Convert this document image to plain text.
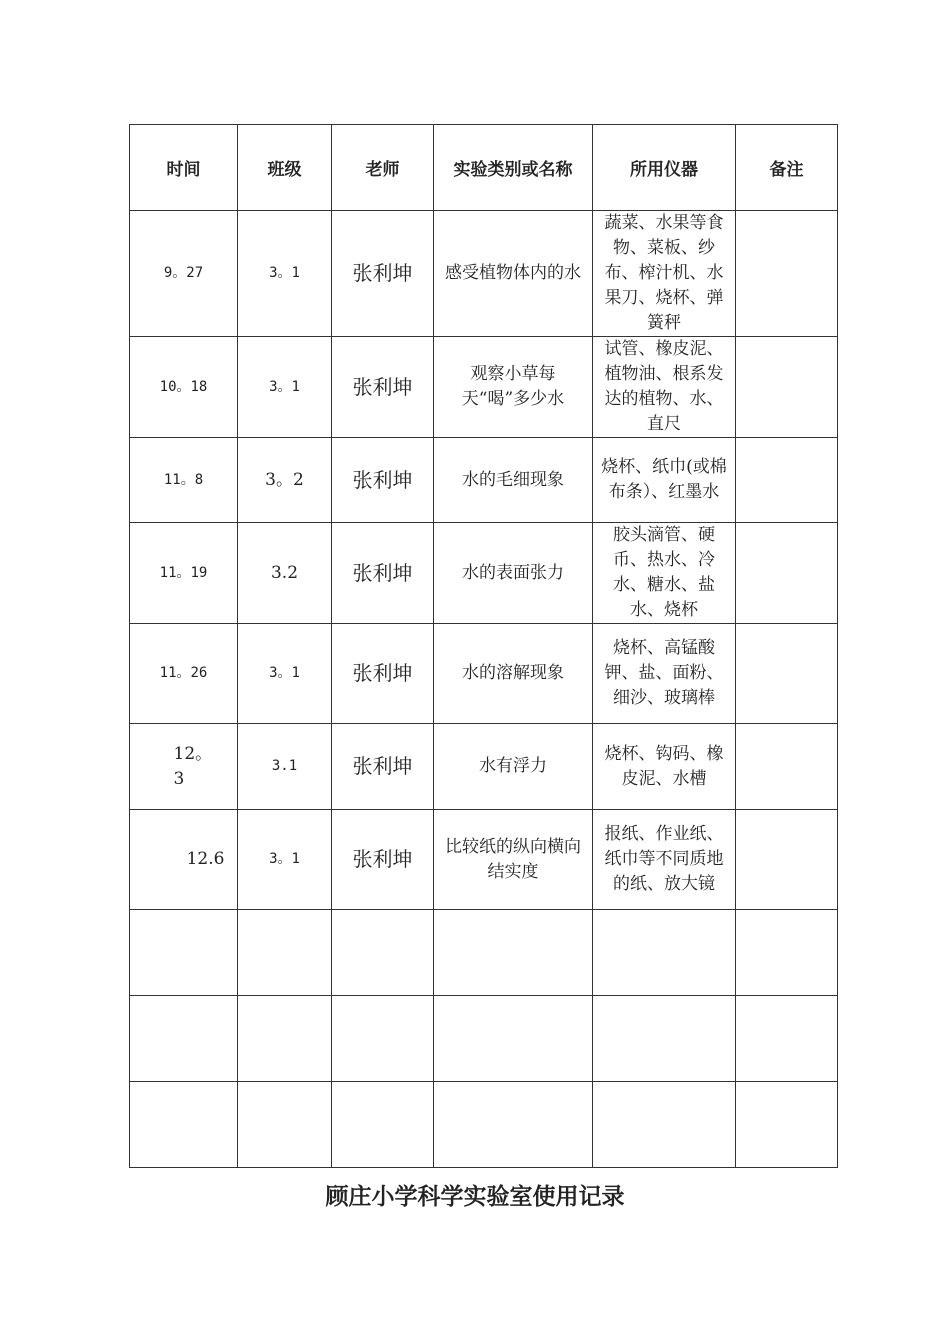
时间	班级	老师	实验类别或名称	所用仪器	备注
9。27	3。1	张利坤	感受植物体内的水	蔬菜、水果等食物、菜板、纱布、榨汁机、水果刀、烧杯、弹簧秤	
10。18	3。1	张利坤	观察小草每天“喝”多少水	试管、橡皮泥、植物油、根系发达的植物、水、直尺	
11。8	3。2	张利坤	水的毛细现象	烧杯、纸巾(或棉布条）、红墨水	
11。19	3.2	张利坤	水的表面张力	胶头滴管、硬币、热水、冷水、糖水、盐水、烧杯	
11。26	3。1	张利坤	水的溶解现象	烧杯、高锰酸钾、盐、面粉、细沙、玻璃棒	
12。3	3.1	张利坤	水有浮力	烧杯、钩码、橡皮泥、水槽	
12.6	3。1	张利坤	比较纸的纵向横向结实度	报纸、作业纸、纸巾等不同质地的纸、放大镜	

顾庄小学科学实验室使用记录
